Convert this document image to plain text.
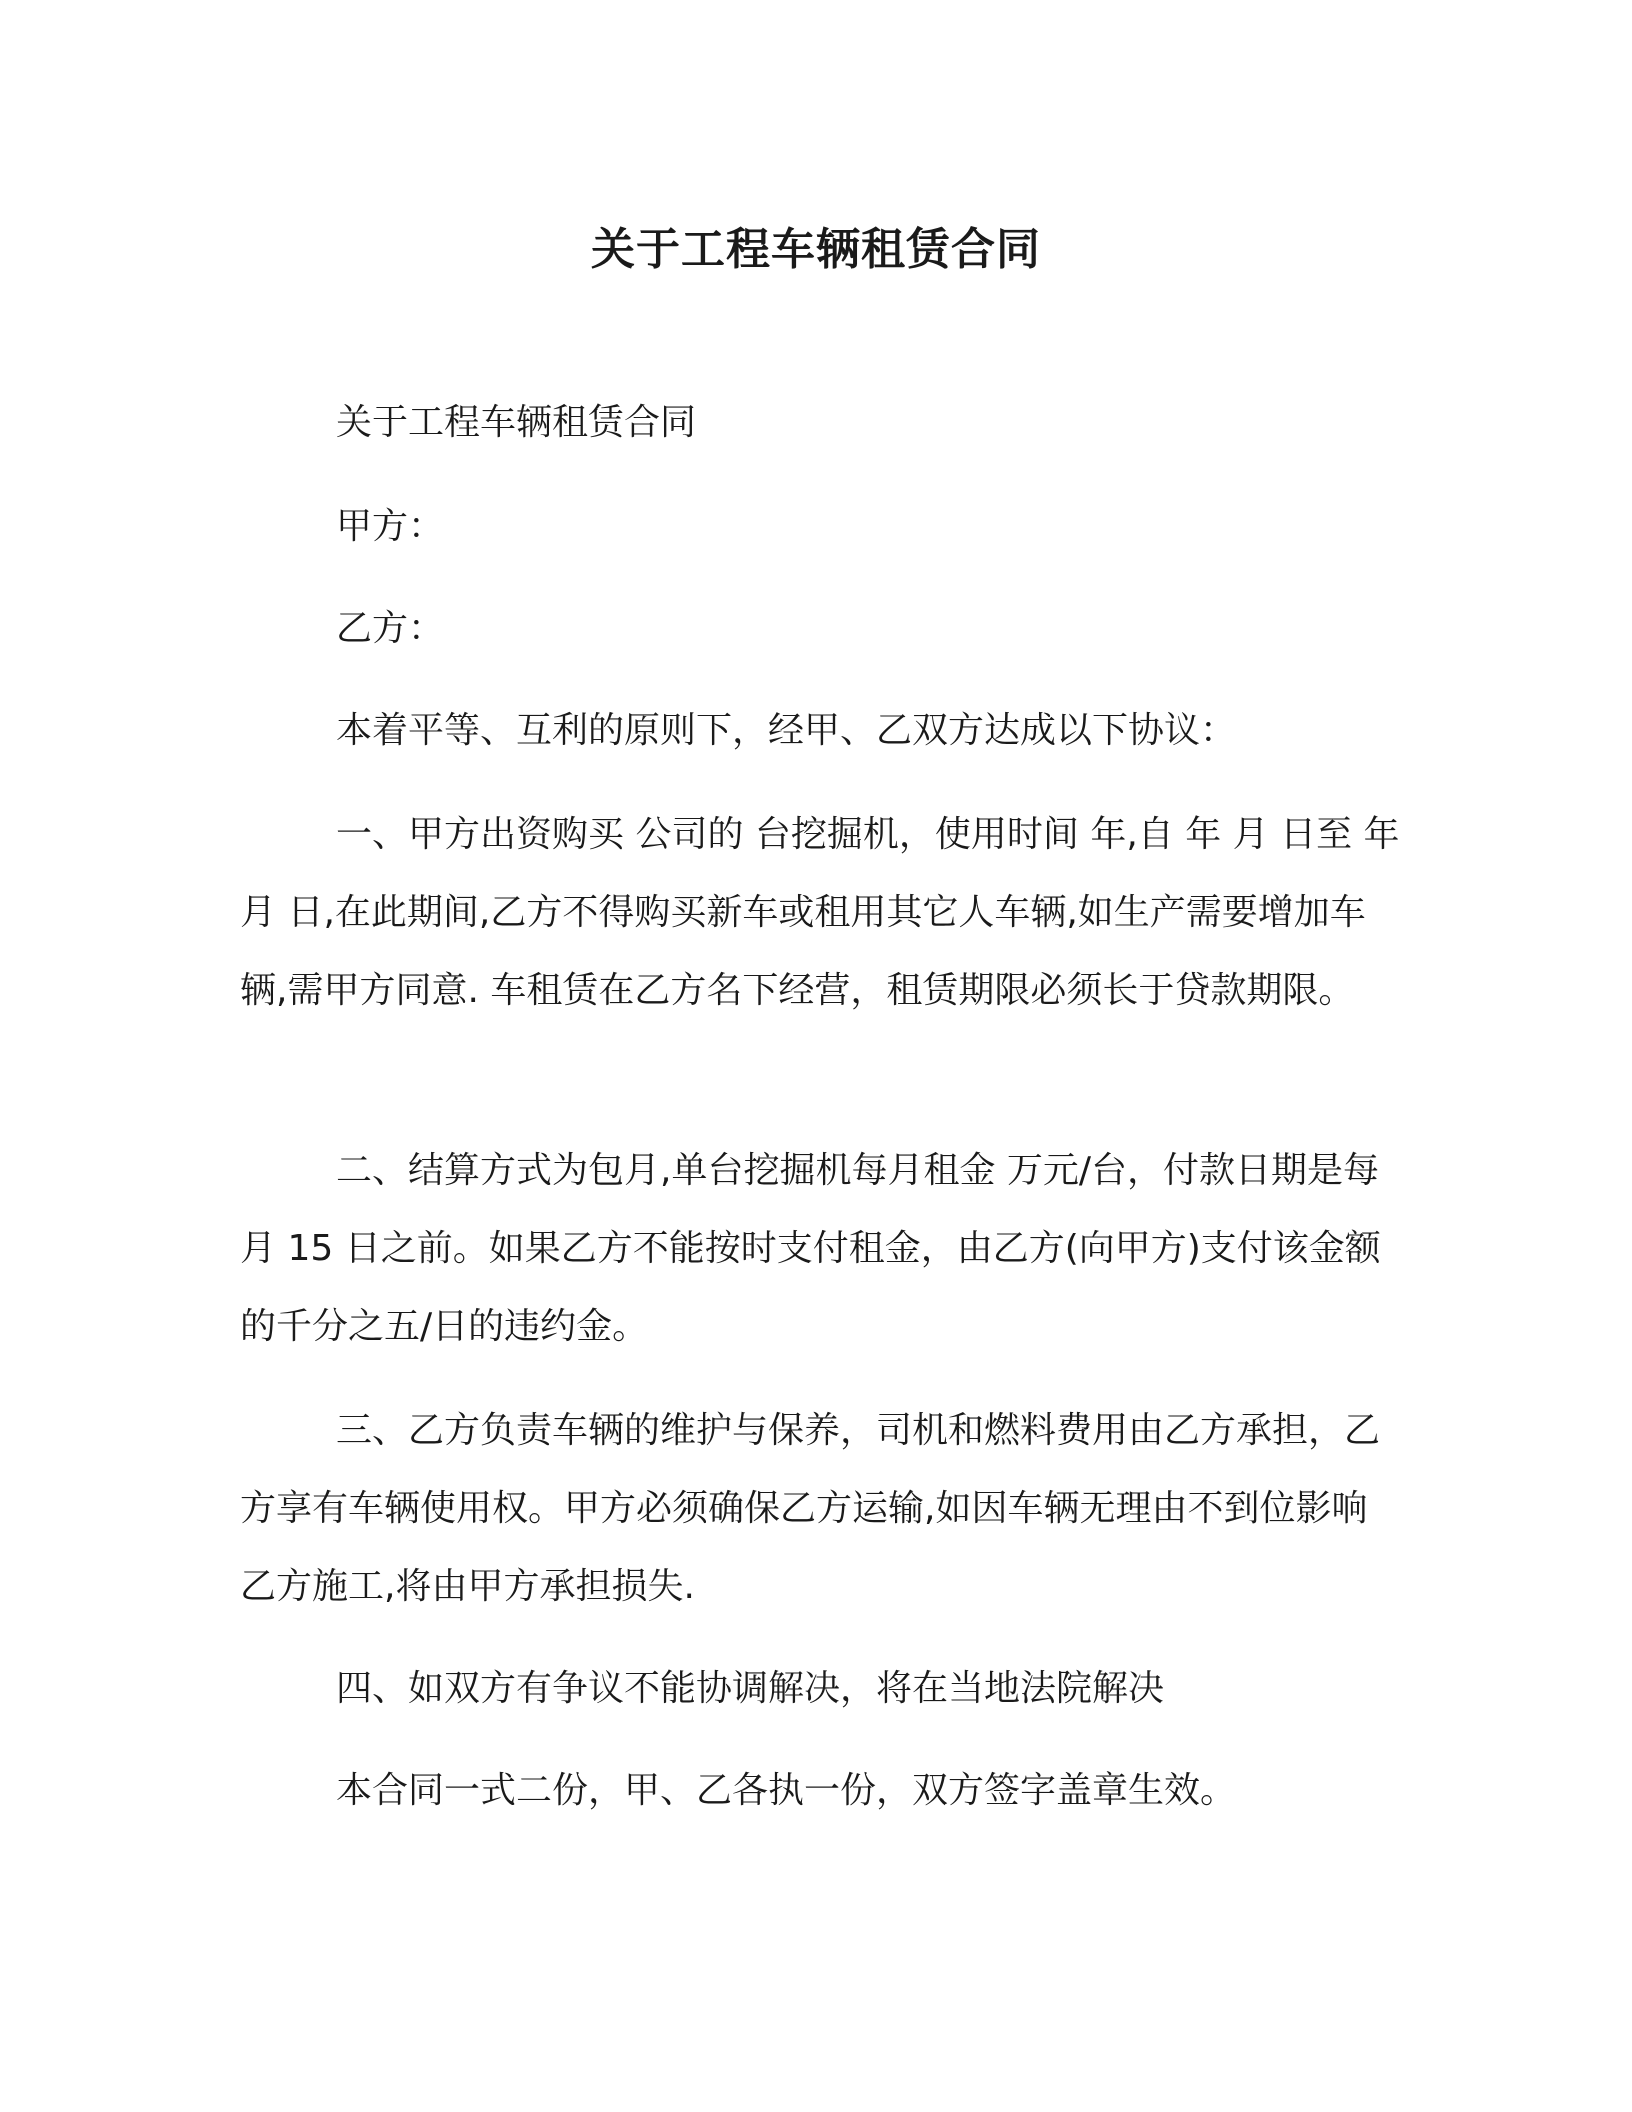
关于工程车辆租赁合同

关于工程车辆租赁合同

甲方：

乙方：

本着平等、互利的原则下，经甲、乙双方达成以下协议：

一、甲方出资购买 公司的 台挖掘机，使用时间 年,自 年 月 日至 年 月 日,在此期间,乙方不得购买新车或租用其它人车辆,如生产需要增加车辆,需甲方同意. 车租赁在乙方名下经营，租赁期限必须长于贷款期限。

二、结算方式为包月,单台挖掘机每月租金 万元/台，付款日期是每月 15 日之前。如果乙方不能按时支付租金，由乙方(向甲方)支付该金额的千分之五/日的违约金。

三、乙方负责车辆的维护与保养，司机和燃料费用由乙方承担，乙方享有车辆使用权。甲方必须确保乙方运输,如因车辆无理由不到位影响乙方施工,将由甲方承担损失.

四、如双方有争议不能协调解决，将在当地法院解决

本合同一式二份，甲、乙各执一份，双方签字盖章生效。
